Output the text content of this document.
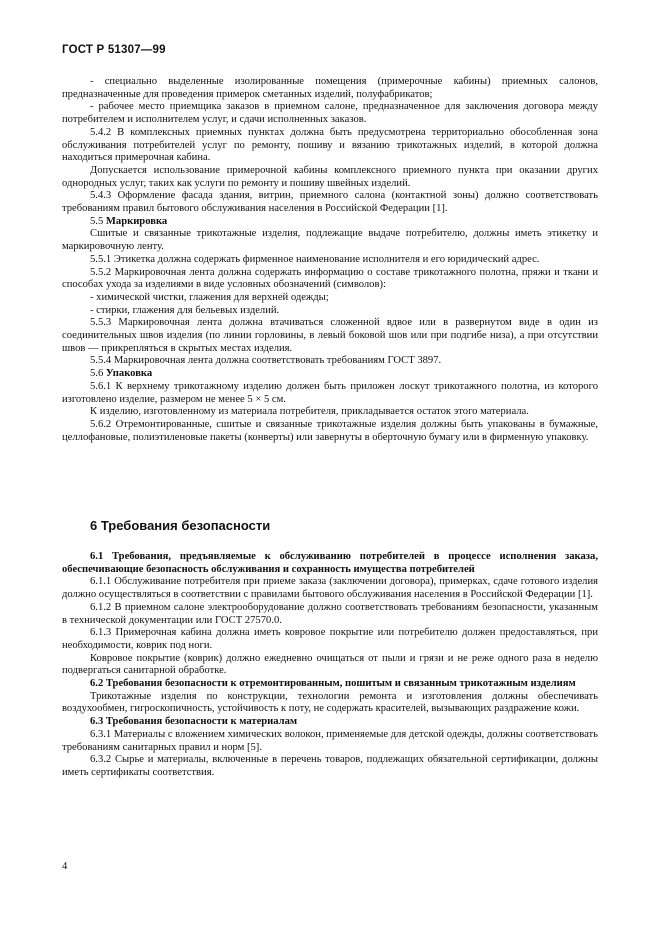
ГОСТ Р 51307—99

- специально выделенные изолированные помещения (примерочные кабины) приемных салонов, предназначенные для проведения примерок сметанных изделий, полуфабрикатов;

- рабочее место приемщика заказов в приемном салоне, предназначенное для заключения договора между потребителем и исполнителем услуг, и сдачи исполненных заказов.

5.4.2 В комплексных приемных пунктах должна быть предусмотрена территориально обособленная зона обслуживания потребителей услуг по ремонту, пошиву и вязанию трикотажных изделий, в которой должна находиться примерочная кабина.

Допускается использование примерочной кабины комплексного приемного пункта при оказании других однородных услуг, таких как услуги по ремонту и пошиву швейных изделий.

5.4.3 Оформление фасада здания, витрин, приемного салона (контактной зоны) должно соответствовать требованиям правил бытового обслуживания населения в Российской Федерации [1].

5.5 Маркировка

Сшитые и связанные трикотажные изделия, подлежащие выдаче потребителю, должны иметь этикетку и маркировочную ленту.

5.5.1 Этикетка должна содержать фирменное наименование исполнителя и его юридический адрес.

5.5.2 Маркировочная лента должна содержать информацию о составе трикотажного полотна, пряжи и ткани и способах ухода за изделиями в виде условных обозначений (символов):

- химической чистки, глажения для верхней одежды;

- стирки, глажения для бельевых изделий.

5.5.3 Маркировочная лента должна втачиваться сложенной вдвое или в развернутом виде в один из соединительных швов изделия (по линии горловины, в левый боковой шов или при подгибе низа), а при отсутствии швов — прикрепляться в скрытых местах изделия.

5.5.4 Маркировочная лента должна соответствовать требованиям ГОСТ 3897.

5.6 Упаковка

5.6.1 К верхнему трикотажному изделию должен быть приложен лоскут трикотажного полотна, из которого изготовлено изделие, размером не менее 5 × 5 см.

К изделию, изготовленному из материала потребителя, прикладывается остаток этого материала.

5.6.2 Отремонтированные, сшитые и связанные трикотажные изделия должны быть упакованы в бумажные, целлофановые, полиэтиленовые пакеты (конверты) или завернуты в оберточную бумагу или в фирменную упаковку.

6 Требования безопасности

6.1 Требования, предъявляемые к обслуживанию потребителей в процессе исполнения заказа, обеспечивающие безопасность обслуживания и сохранность имущества потребителей

6.1.1 Обслуживание потребителя при приеме заказа (заключении договора), примерках, сдаче готового изделия должно осуществляться в соответствии с правилами бытового обслуживания населения в Российской Федерации [1].

6.1.2 В приемном салоне электрооборудование должно соответствовать требованиям безопасности, указанным в технической документации или ГОСТ 27570.0.

6.1.3 Примерочная кабина должна иметь ковровое покрытие или потребителю должен предоставляться, при необходимости, коврик под ноги.

Ковровое покрытие (коврик) должно ежедневно очищаться от пыли и грязи и не реже одного раза в неделю подвергаться санитарной обработке.

6.2 Требования безопасности к отремонтированным, пошитым и связанным трикотажным изделиям

Трикотажные изделия по конструкции, технологии ремонта и изготовления должны обеспечивать воздухообмен, гигроскопичность, устойчивость к поту, не содержать красителей, вызывающих раздражение кожи.

6.3 Требования безопасности к материалам

6.3.1 Материалы с вложением химических волокон, применяемые для детской одежды, должны соответствовать требованиям санитарных правил и норм [5].

6.3.2 Сырье и материалы, включенные в перечень товаров, подлежащих обязательной сертификации, должны иметь сертификаты соответствия.

4
